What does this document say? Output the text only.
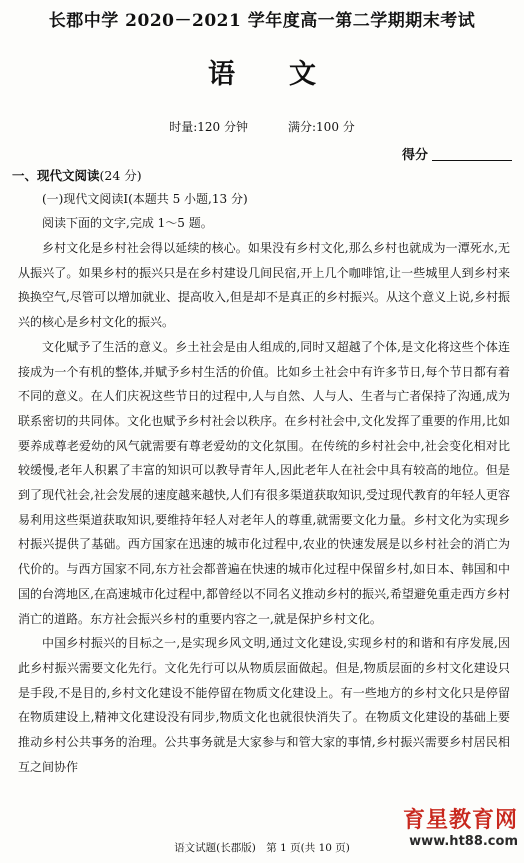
长郡中学 2020－2021 学年度高一第二学期期末考试
语 文
时量:120 分钟	满分:100 分
得分
一、现代文阅读(24 分)
(一)现代文阅读Ⅰ(本题共 5 小题,13 分)
阅读下面的文字,完成 1～5 题。

乡村文化是乡村社会得以延续的核心。如果没有乡村文化,那么乡村也就成为一潭死水,无从振兴了。如果乡村的振兴只是在乡村建设几间民宿,开上几个咖啡馆,让一些城里人到乡村来换换空气,尽管可以增加就业、提高收入,但是却不是真正的乡村振兴。从这个意义上说,乡村振兴的核心是乡村文化的振兴。

文化赋予了生活的意义。乡土社会是由人组成的,同时又超越了个体,是文化将这些个体连接成为一个有机的整体,并赋予乡村生活的价值。比如乡土社会中有许多节日,每个节日都有着不同的意义。在人们庆祝这些节日的过程中,人与自然、人与人、生者与亡者保持了沟通,成为联系密切的共同体。文化也赋予乡村社会以秩序。在乡村社会中,文化发挥了重要的作用,比如要养成尊老爱幼的风气就需要有尊老爱幼的文化氛围。在传统的乡村社会中,社会变化相对比较缓慢,老年人积累了丰富的知识可以教导青年人,因此老年人在社会中具有较高的地位。但是到了现代社会,社会发展的速度越来越快,人们有很多渠道获取知识,受过现代教育的年轻人更容易利用这些渠道获取知识,要维持年轻人对老年人的尊重,就需要文化力量。乡村文化为实现乡村振兴提供了基础。西方国家在迅速的城市化过程中,农业的快速发展是以乡村社会的消亡为代价的。与西方国家不同,东方社会都普遍在快速的城市化过程中保留乡村,如日本、韩国和中国的台湾地区,在高速城市化过程中,都曾经以不同名义推动乡村的振兴,希望避免重走西方乡村消亡的道路。东方社会振兴乡村的重要内容之一,就是保护乡村文化。

中国乡村振兴的目标之一,是实现乡风文明,通过文化建设,实现乡村的和谐和有序发展,因此乡村振兴需要文化先行。文化先行可以从物质层面做起。但是,物质层面的乡村文化建设只是手段,不是目的,乡村文化建设不能停留在物质文化建设上。有一些地方的乡村文化只是停留在物质建设上,精神文化建设没有同步,物质文化也就很快消失了。在物质文化建设的基础上要推动乡村公共事务的治理。公共事务就是大家参与和管大家的事情,乡村振兴需要乡村居民相互之间协作

语文试题(长郡版)　第 1 页(共 10 页)
育星教育网
www.ht88.com
